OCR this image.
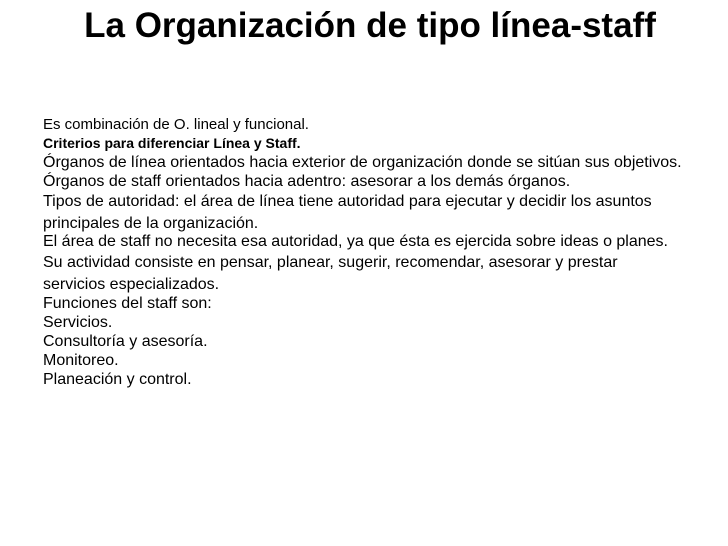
La Organización de tipo línea-staff
Es combinación de O. lineal y funcional.
Criterios para diferenciar Línea y Staff.
Órganos de línea orientados hacia exterior de organización donde se sitúan sus objetivos.
Órganos de staff orientados hacia adentro: asesorar a los demás órganos.
Tipos de autoridad: el área de línea tiene autoridad para ejecutar y decidir los asuntos
principales de la organización.
El área de staff no necesita esa autoridad, ya que ésta es ejercida sobre ideas o planes.
Su actividad consiste en pensar, planear, sugerir, recomendar, asesorar y prestar
servicios especializados.
Funciones del staff son:
Servicios.
Consultoría y asesoría.
Monitoreo.
Planeación y control.
